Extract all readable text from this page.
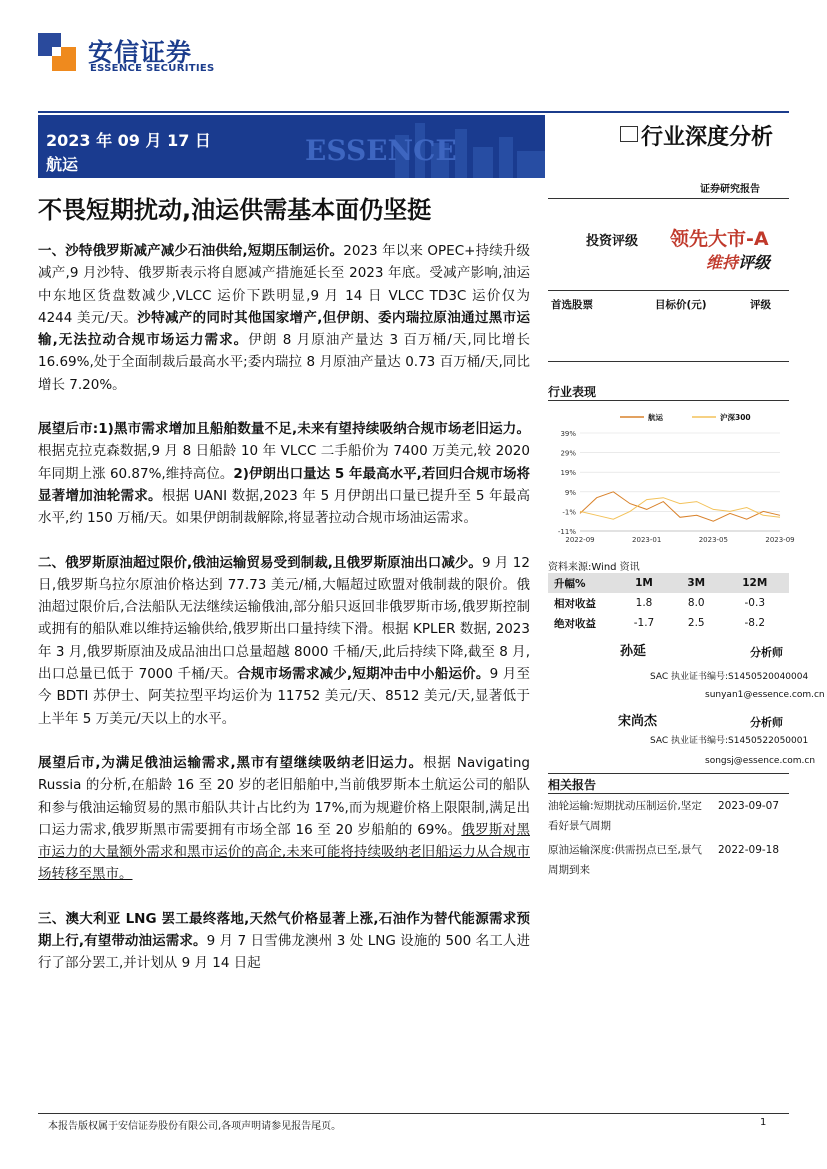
安信证券
ESSENCE SECURITIES
ESSENCE
2023 年 09 月 17 日
航运
行业深度分析
证券研究报告
不畏短期扰动,油运供需基本面仍坚挺

一、沙特俄罗斯减产减少石油供给,短期压制运价。2023 年以来 OPEC+持续升级减产,9 月沙特、俄罗斯表示将自愿减产措施延长至 2023 年底。受减产影响,油运中东地区货盘数减少,VLCC 运价下跌明显,9 月 14 日 VLCC TD3C 运价仅为 4244 美元/天。沙特减产的同时其他国家增产,但伊朗、委内瑞拉原油通过黑市运输,无法拉动合规市场运力需求。伊朗 8 月原油产量达 3 百万桶/天,同比增长 16.69%,处于全面制裁后最高水平;委内瑞拉 8 月原油产量达 0.73 百万桶/天,同比增长 7.20%。

展望后市:1)黑市需求增加且船舶数量不足,未来有望持续吸纳合规市场老旧运力。根据克拉克森数据,9 月 8 日船龄 10 年 VLCC 二手船价为 7400 万美元,较 2020 年同期上涨 60.87%,维持高位。2)伊朗出口量达 5 年最高水平,若回归合规市场将显著增加油轮需求。根据 UANI 数据,2023 年 5 月伊朗出口量已提升至 5 年最高水平,约 150 万桶/天。如果伊朗制裁解除,将显著拉动合规市场油运需求。

二、俄罗斯原油超过限价,俄油运输贸易受到制裁,且俄罗斯原油出口减少。9 月 12 日,俄罗斯乌拉尔原油价格达到 77.73 美元/桶,大幅超过欧盟对俄制裁的限价。俄油超过限价后,合法船队无法继续运输俄油,部分船只返回非俄罗斯市场,俄罗斯控制或拥有的船队难以维持运输供给,俄罗斯出口量持续下滑。根据 KPLER 数据, 2023 年 3 月,俄罗斯原油及成品油出口总量超越 8000 千桶/天,此后持续下降,截至 8 月,出口总量已低于 7000 千桶/天。合规市场需求减少,短期冲击中小船运价。9 月至今 BDTI 苏伊士、阿芙拉型平均运价为 11752 美元/天、8512 美元/天,显著低于上半年 5 万美元/天以上的水平。

展望后市,为满足俄油运输需求,黑市有望继续吸纳老旧运力。根据 Navigating Russia 的分析,在船龄 16 至 20 岁的老旧船舶中,当前俄罗斯本土航运公司的船队和参与俄油运输贸易的黑市船队共计占比约为 17%,而为规避价格上限限制,满足出口运力需求,俄罗斯黑市需要拥有市场全部 16 至 20 岁船舶的 69%。俄罗斯对黑市运力的大量额外需求和黑市运价的高企,未来可能将持续吸纳老旧船运力从合规市场转移至黑市。

三、澳大利亚 LNG 罢工最终落地,天然气价格显著上涨,石油作为替代能源需求预期上行,有望带动油运需求。9 月 7 日雪佛龙澳州 3 处 LNG 设施的 500 名工人进行了部分罢工,并计划从 9 月 14 日起

投资评级 领先大市-A
维持评级
首选股票	目标价(元)	评级
行业表现
航运	沪深300
39%
29%
19%
9%
-1%
-11%
2022-09	2023-01	2023-05	2023-09
资料来源:Wind 资讯
升幅%	1M	3M	12M
相对收益	1.8	8.0	-0.3
绝对收益	-1.7	2.5	-8.2
孙延	分析师
SAC 执业证书编号:S1450520040004
sunyan1@essence.com.cn
宋尚杰	分析师
SAC 执业证书编号:S1450522050001
songsj@essence.com.cn
相关报告
油轮运输:短期扰动压制运价,坚定看好景气周期
2023-09-07
原油运输深度:供需拐点已至,景气周期到来
2022-09-18
本报告版权属于安信证券股份有限公司,各项声明请参见报告尾页。	1
